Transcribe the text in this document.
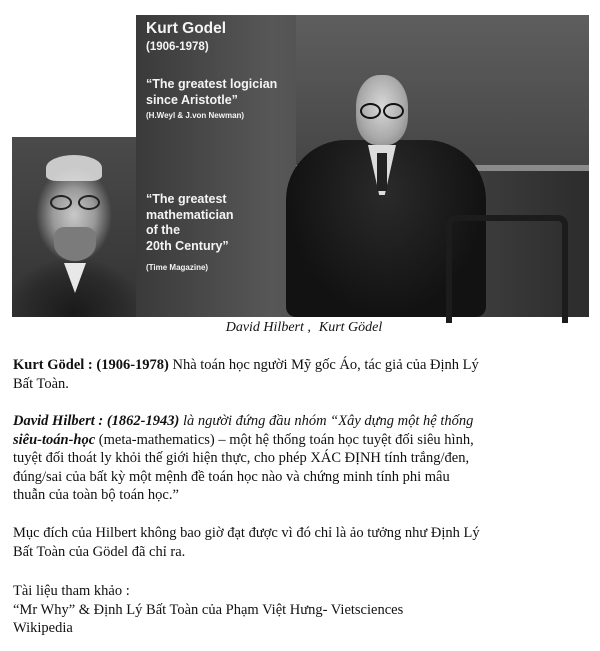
Kurt Godel
(1906-1978)
“The greatest logician
since Aristotle”
(H.Weyl & J.von Newman)
“The greatest
mathematician
of the
20th Century”
(Time Magazine)
David Hilbert , Kurt Gödel
Kurt Gödel : (1906-1978) Nhà toán học người Mỹ gốc Áo, tác giả của Định Lý
Bất Toàn.
David Hilbert : (1862-1943) là người đứng đầu nhóm “Xây dựng một hệ thống
siêu-toán-học (meta-mathematics) – một hệ thống toán học tuyệt đối siêu hình,
tuyệt đối thoát ly khỏi thế giới hiện thực, cho phép XÁC ĐỊNH tính trắng/đen,
đúng/sai của bất kỳ một mệnh đề toán học nào và chứng minh tính phi mâu
thuẫn của toàn bộ toán học.”
Mục đích của Hilbert không bao giờ đạt được vì đó chỉ là ảo tưởng như Định Lý
Bất Toàn của Gödel đã chỉ ra.
Tài liệu tham khảo :
“Mr Why” & Định Lý Bất Toàn của Phạm Việt Hưng- Vietsciences
Wikipedia
